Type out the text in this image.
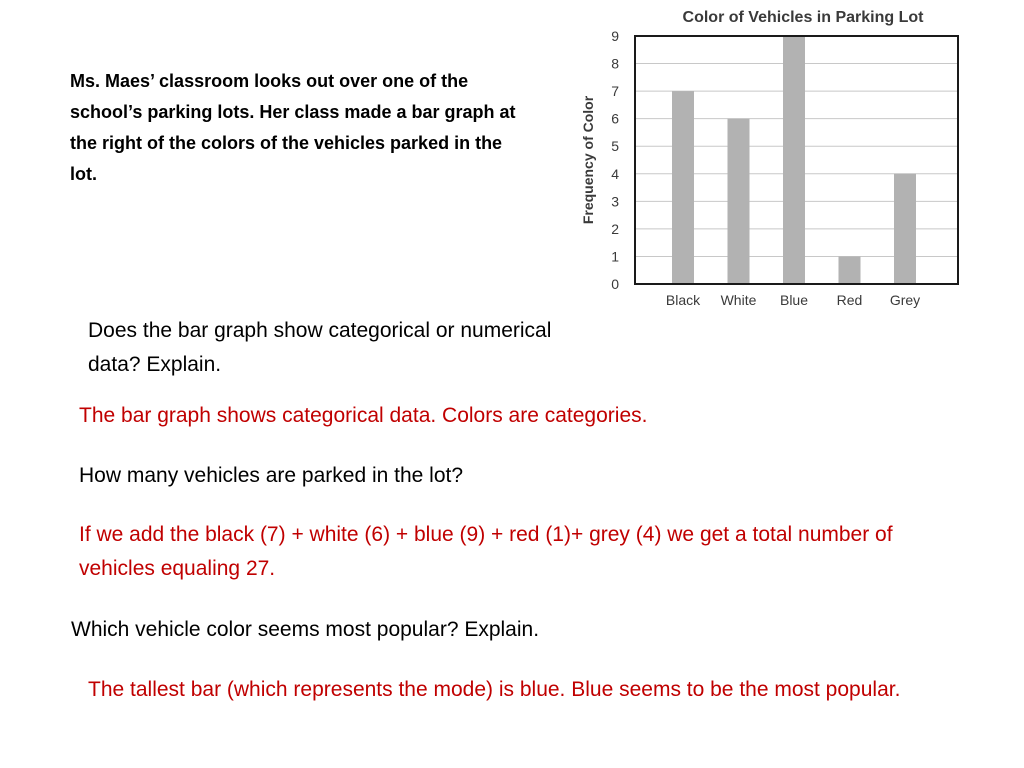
Ms. Maes’ classroom looks out over one of the school’s parking lots. Her class made a bar graph at the right of the colors of the vehicles parked in the lot.

Color of Vehicles in Parking Lot
Frequency of Color
0
1
2
3
4
5
6
7
8
9
Black White Blue Red Grey

Does the bar graph show categorical or numerical data? Explain.

The bar graph shows categorical data. Colors are categories.

How many vehicles are parked in the lot?

If we add the black (7) + white (6) + blue (9) + red (1)+ grey (4) we get a total number of vehicles equaling 27.

Which vehicle color seems most popular? Explain.

The tallest bar (which represents the mode) is blue. Blue seems to be the most popular.
